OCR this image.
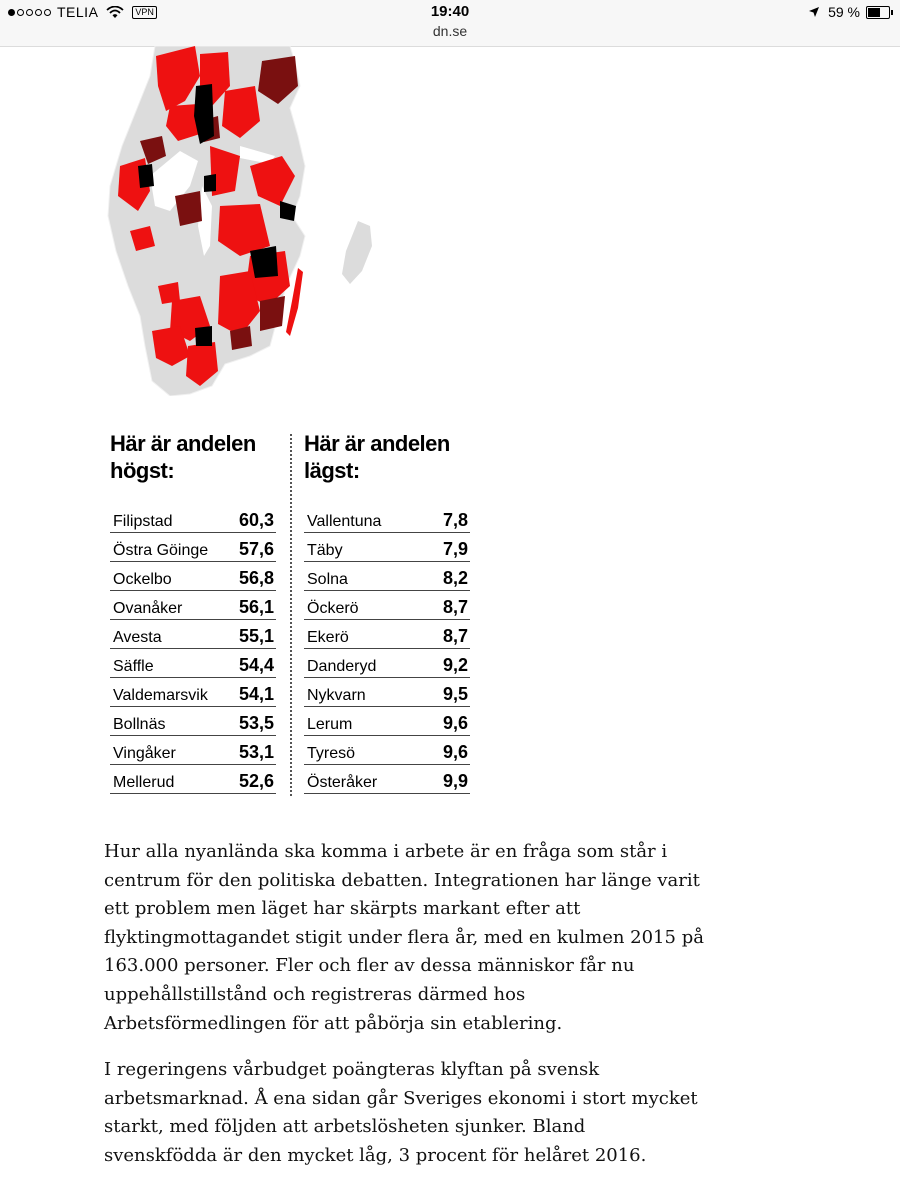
TELIA	VPN	19:40
dn.se
59 %
Här är andelen
högst:
Filipstad	60,3
Östra Göinge 57,6
Ockelbo	56,8
Ovanåker	56,1
Avesta	55,1
Säffle	54,4
Valdemarsvik 54,1
Bollnäs	53,5
Vingåker	53,1
Mellerud	52,6
Här är andelen
lägst:
Vallentuna	7,8
Täby	7,9
Solna	8,2
Öckerö	8,7
Ekerö	8,7
Danderyd	9,2
Nykvarn	9,5
Lerum	9,6
Tyresö	9,6
Österåker	9,9

Hur alla nyanlända ska komma i arbete är en fråga som står i centrum för den politiska debatten. Integrationen har länge varit ett problem men läget har skärpts markant efter att flyktingmottagandet stigit under flera år, med en kulmen 2015 på 163.000 personer. Fler och fler av dessa människor får nu uppehållstillstånd och registreras därmed hos Arbetsförmedlingen för att påbörja sin etablering.

I regeringens vårbudget poängteras klyftan på svensk arbetsmarknad. Å ena sidan går Sveriges ekonomi i stort mycket starkt, med följden att arbetslösheten sjunker. Bland svenskfödda är den mycket låg, 3 procent för helåret 2016.
